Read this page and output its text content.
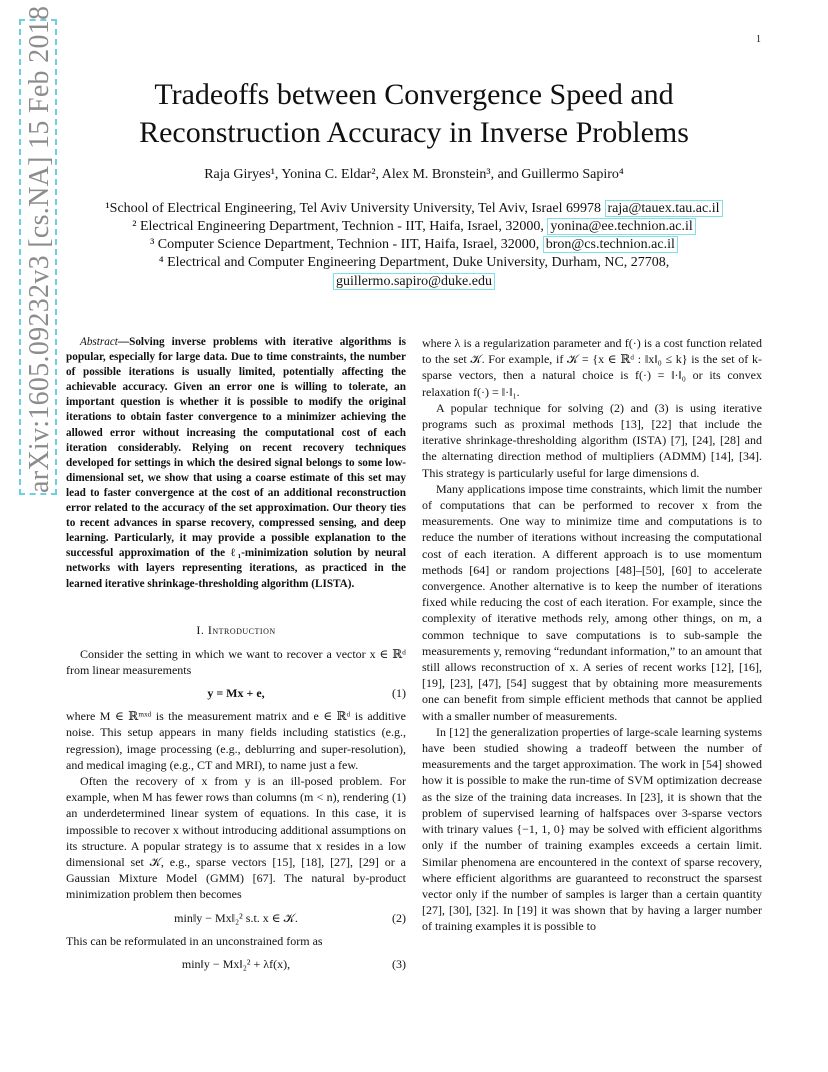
1
arXiv:1605.09232v3 [cs.NA] 15 Feb 2018	Tradeoffs between Convergence Speed and
Reconstruction Accuracy in Inverse Problems
Raja Giryes¹, Yonina C. Eldar², Alex M. Bronstein³, and Guillermo Sapiro⁴
¹School of Electrical Engineering, Tel Aviv University University, Tel Aviv, Israel 69978 raja@tauex.tau.ac.il
² Electrical Engineering Department, Technion - IIT, Haifa, Israel, 32000, yonina@ee.technion.ac.il
³ Computer Science Department, Technion - IIT, Haifa, Israel, 32000, bron@cs.technion.ac.il
⁴ Electrical and Computer Engineering Department, Duke University, Durham, NC, 27708,
guillermo.sapiro@duke.edu

Abstract—Solving inverse problems with iterative algorithms is popular, especially for large data. Due to time constraints, the number of possible iterations is usually limited, potentially affecting the achievable accuracy. Given an error one is willing to tolerate, an important question is whether it is possible to modify the original iterations to obtain faster convergence to a minimizer achieving the allowed error without increasing the computational cost of each iteration considerably. Relying on recent recovery techniques developed for settings in which the desired signal belongs to some low-dimensional set, we show that using a coarse estimate of this set may lead to faster convergence at the cost of an additional reconstruction error related to the accuracy of the set approximation. Our theory ties to recent advances in sparse recovery, compressed sensing, and deep learning. Particularly, it may provide a possible explanation to the successful approximation of the ℓ₁-minimization solution by neural networks with layers representing iterations, as practiced in the learned iterative shrinkage-thresholding algorithm (LISTA).

I. Introduction

Consider the setting in which we want to recover a vector x ∈ ℝᵈ from linear measurements

y = Mx + e,	(1)

where M ∈ ℝᵐˣᵈ is the measurement matrix and e ∈ ℝᵈ is additive noise. This setup appears in many fields including statistics (e.g., regression), image processing (e.g., deblurring and super-resolution), and medical imaging (e.g., CT and MRI), to name just a few.

Often the recovery of x from y is an ill-posed problem. For example, when M has fewer rows than columns (m < n), rendering (1) an underdetermined linear system of equations. In this case, it is impossible to recover x without introducing additional assumptions on its structure. A popular strategy is to assume that x resides in a low dimensional set 𝒦, e.g., sparse vectors [15], [18], [27], [29] or a Gaussian Mixture Model (GMM) [67]. The natural by-product minimization problem then becomes

min‖y − Mx‖₂² s.t. x ∈ 𝒦.	(2)

This can be reformulated in an unconstrained form as

min‖y − Mx‖₂² + λf(x),	(3)

where λ is a regularization parameter and f(·) is a cost function related to the set 𝒦. For example, if 𝒦 = {x ∈ ℝᵈ : ‖x‖₀ ≤ k} is the set of k-sparse vectors, then a natural choice is f(·) = ‖·‖₀ or its convex relaxation f(·) = ‖·‖₁.

A popular technique for solving (2) and (3) is using iterative programs such as proximal methods [13], [22] that include the iterative shrinkage-thresholding algorithm (ISTA) [7], [24], [28] and the alternating direction method of multipliers (ADMM) [14], [34]. This strategy is particularly useful for large dimensions d.

Many applications impose time constraints, which limit the number of computations that can be performed to recover x from the measurements. One way to minimize time and computations is to reduce the number of iterations without increasing the computational cost of each iteration. A different approach is to use momentum methods [64] or random projections [48]–[50], [60] to accelerate convergence. Another alternative is to keep the number of iterations fixed while reducing the cost of each iteration. For example, since the complexity of iterative methods rely, among other things, on m, a common technique to save computations is to sub-sample the measurements y, removing “redundant information,” to an amount that still allows reconstruction of x. A series of recent works [12], [16], [19], [23], [47], [54] suggest that by obtaining more measurements one can benefit from simple efficient methods that cannot be applied with a smaller number of measurements.

In [12] the generalization properties of large-scale learning systems have been studied showing a tradeoff between the number of measurements and the target approximation. The work in [54] showed how it is possible to make the run-time of SVM optimization decrease as the size of the training data increases. In [23], it is shown that the problem of supervised learning of halfspaces over 3-sparse vectors with trinary values {−1, 1, 0} may be solved with efficient algorithms only if the number of training examples exceeds a certain limit. Similar phenomena are encountered in the context of sparse recovery, where efficient algorithms are guaranteed to reconstruct the sparsest vector only if the number of samples is larger than a certain quantity [27], [30], [32]. In [19] it was shown that by having a larger number of training examples it is possible to
